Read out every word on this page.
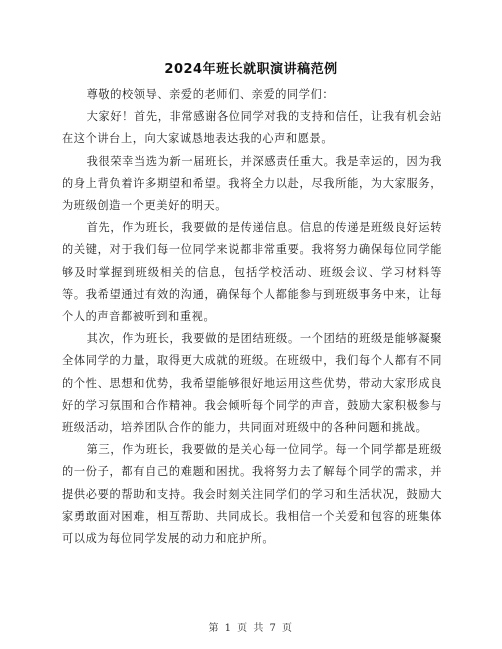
2024年班长就职演讲稿范例

尊敬的校领导、亲爱的老师们、亲爱的同学们：

大家好！首先，非常感谢各位同学对我的支持和信任，让我有机会站在这个讲台上，向大家诚恳地表达我的心声和愿景。

我很荣幸当选为新一届班长，并深感责任重大。我是幸运的，因为我的身上背负着许多期望和希望。我将全力以赴，尽我所能，为大家服务，为班级创造一个更美好的明天。

首先，作为班长，我要做的是传递信息。信息的传递是班级良好运转的关键，对于我们每一位同学来说都非常重要。我将努力确保每位同学能够及时掌握到班级相关的信息，包括学校活动、班级会议、学习材料等等。我希望通过有效的沟通，确保每个人都能参与到班级事务中来，让每个人的声音都被听到和重视。

其次，作为班长，我要做的是团结班级。一个团结的班级是能够凝聚全体同学的力量，取得更大成就的班级。在班级中，我们每个人都有不同的个性、思想和优势，我希望能够很好地运用这些优势，带动大家形成良好的学习氛围和合作精神。我会倾听每个同学的声音，鼓励大家积极参与班级活动，培养团队合作的能力，共同面对班级中的各种问题和挑战。

第三，作为班长，我要做的是关心每一位同学。每一个同学都是班级的一份子，都有自己的难题和困扰。我将努力去了解每个同学的需求，并提供必要的帮助和支持。我会时刻关注同学们的学习和生活状况，鼓励大家勇敢面对困难，相互帮助、共同成长。我相信一个关爱和包容的班集体可以成为每位同学发展的动力和庇护所。

第 1 页 共 7 页
